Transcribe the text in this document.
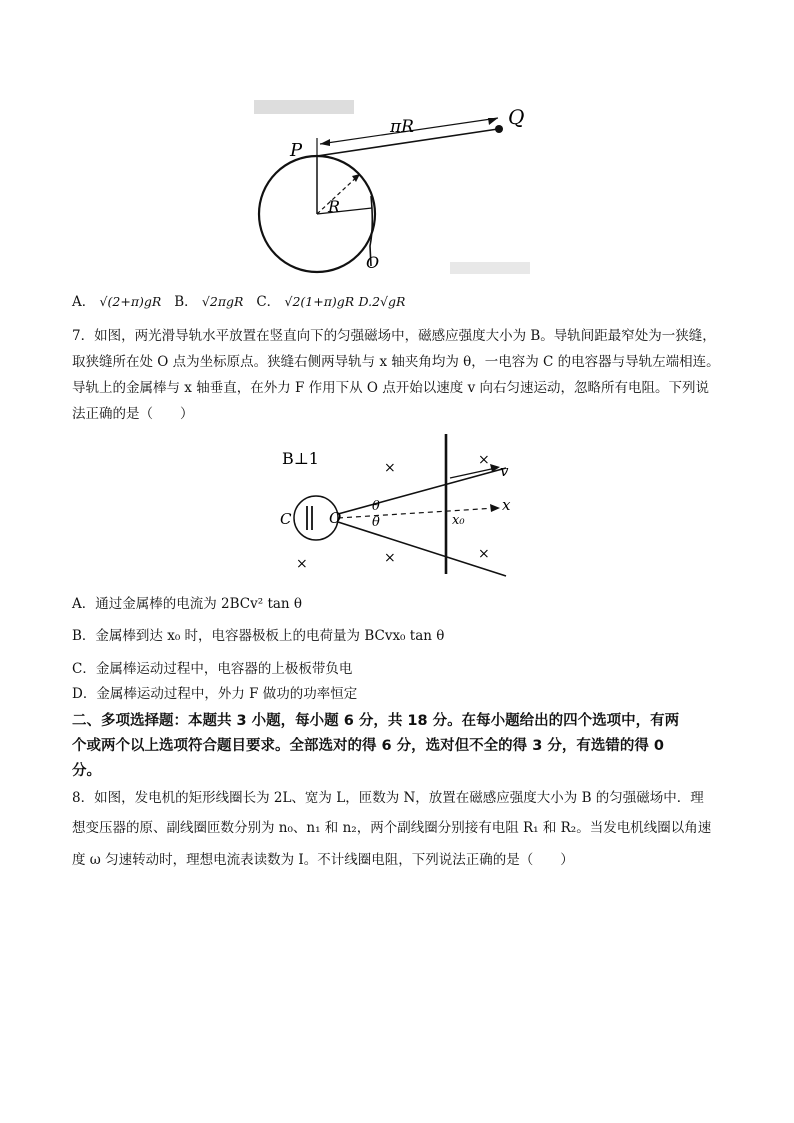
P
Q
πR
R
O
A． √(2+π)gR B． √2πgR C． √2(1+π)gR D.2√gR
7．如图，两光滑导轨水平放置在竖直向下的匀强磁场中，磁感应强度大小为 B。导轨间距最窄处为一狭缝，
取狭缝所在处 O 点为坐标原点。狭缝右侧两导轨与 x 轴夹角均为 θ，一电容为 C 的电容器与导轨左端相连。
导轨上的金属棒与 x 轴垂直，在外力 F 作用下从 O 点开始以速度 v 向右匀速运动，忽略所有电阻。下列说
法正确的是（　　）
B⊥1
C	O
θ
θ
v
x
x₀
×	×
×	×
×
A．通过金属棒的电流为 2BCv² tan θ
B．金属棒到达 x₀ 时，电容器极板上的电荷量为 BCvx₀ tan θ
C．金属棒运动过程中，电容器的上极板带负电
D．金属棒运动过程中，外力 F 做功的功率恒定
二、多项选择题：本题共 3 小题，每小题 6 分，共 18 分。在每小题给出的四个选项中，有两
个或两个以上选项符合题目要求。全部选对的得 6 分，选对但不全的得 3 分，有选错的得 0
分。
8．如图，发电机的矩形线圈长为 2L、宽为 L，匝数为 N，放置在磁感应强度大小为 B 的匀强磁场中．理
想变压器的原、副线圈匝数分别为 n₀、n₁ 和 n₂，两个副线圈分别接有电阻 R₁ 和 R₂。当发电机线圈以角速
度 ω 匀速转动时，理想电流表读数为 I。不计线圈电阻，下列说法正确的是（　　）
